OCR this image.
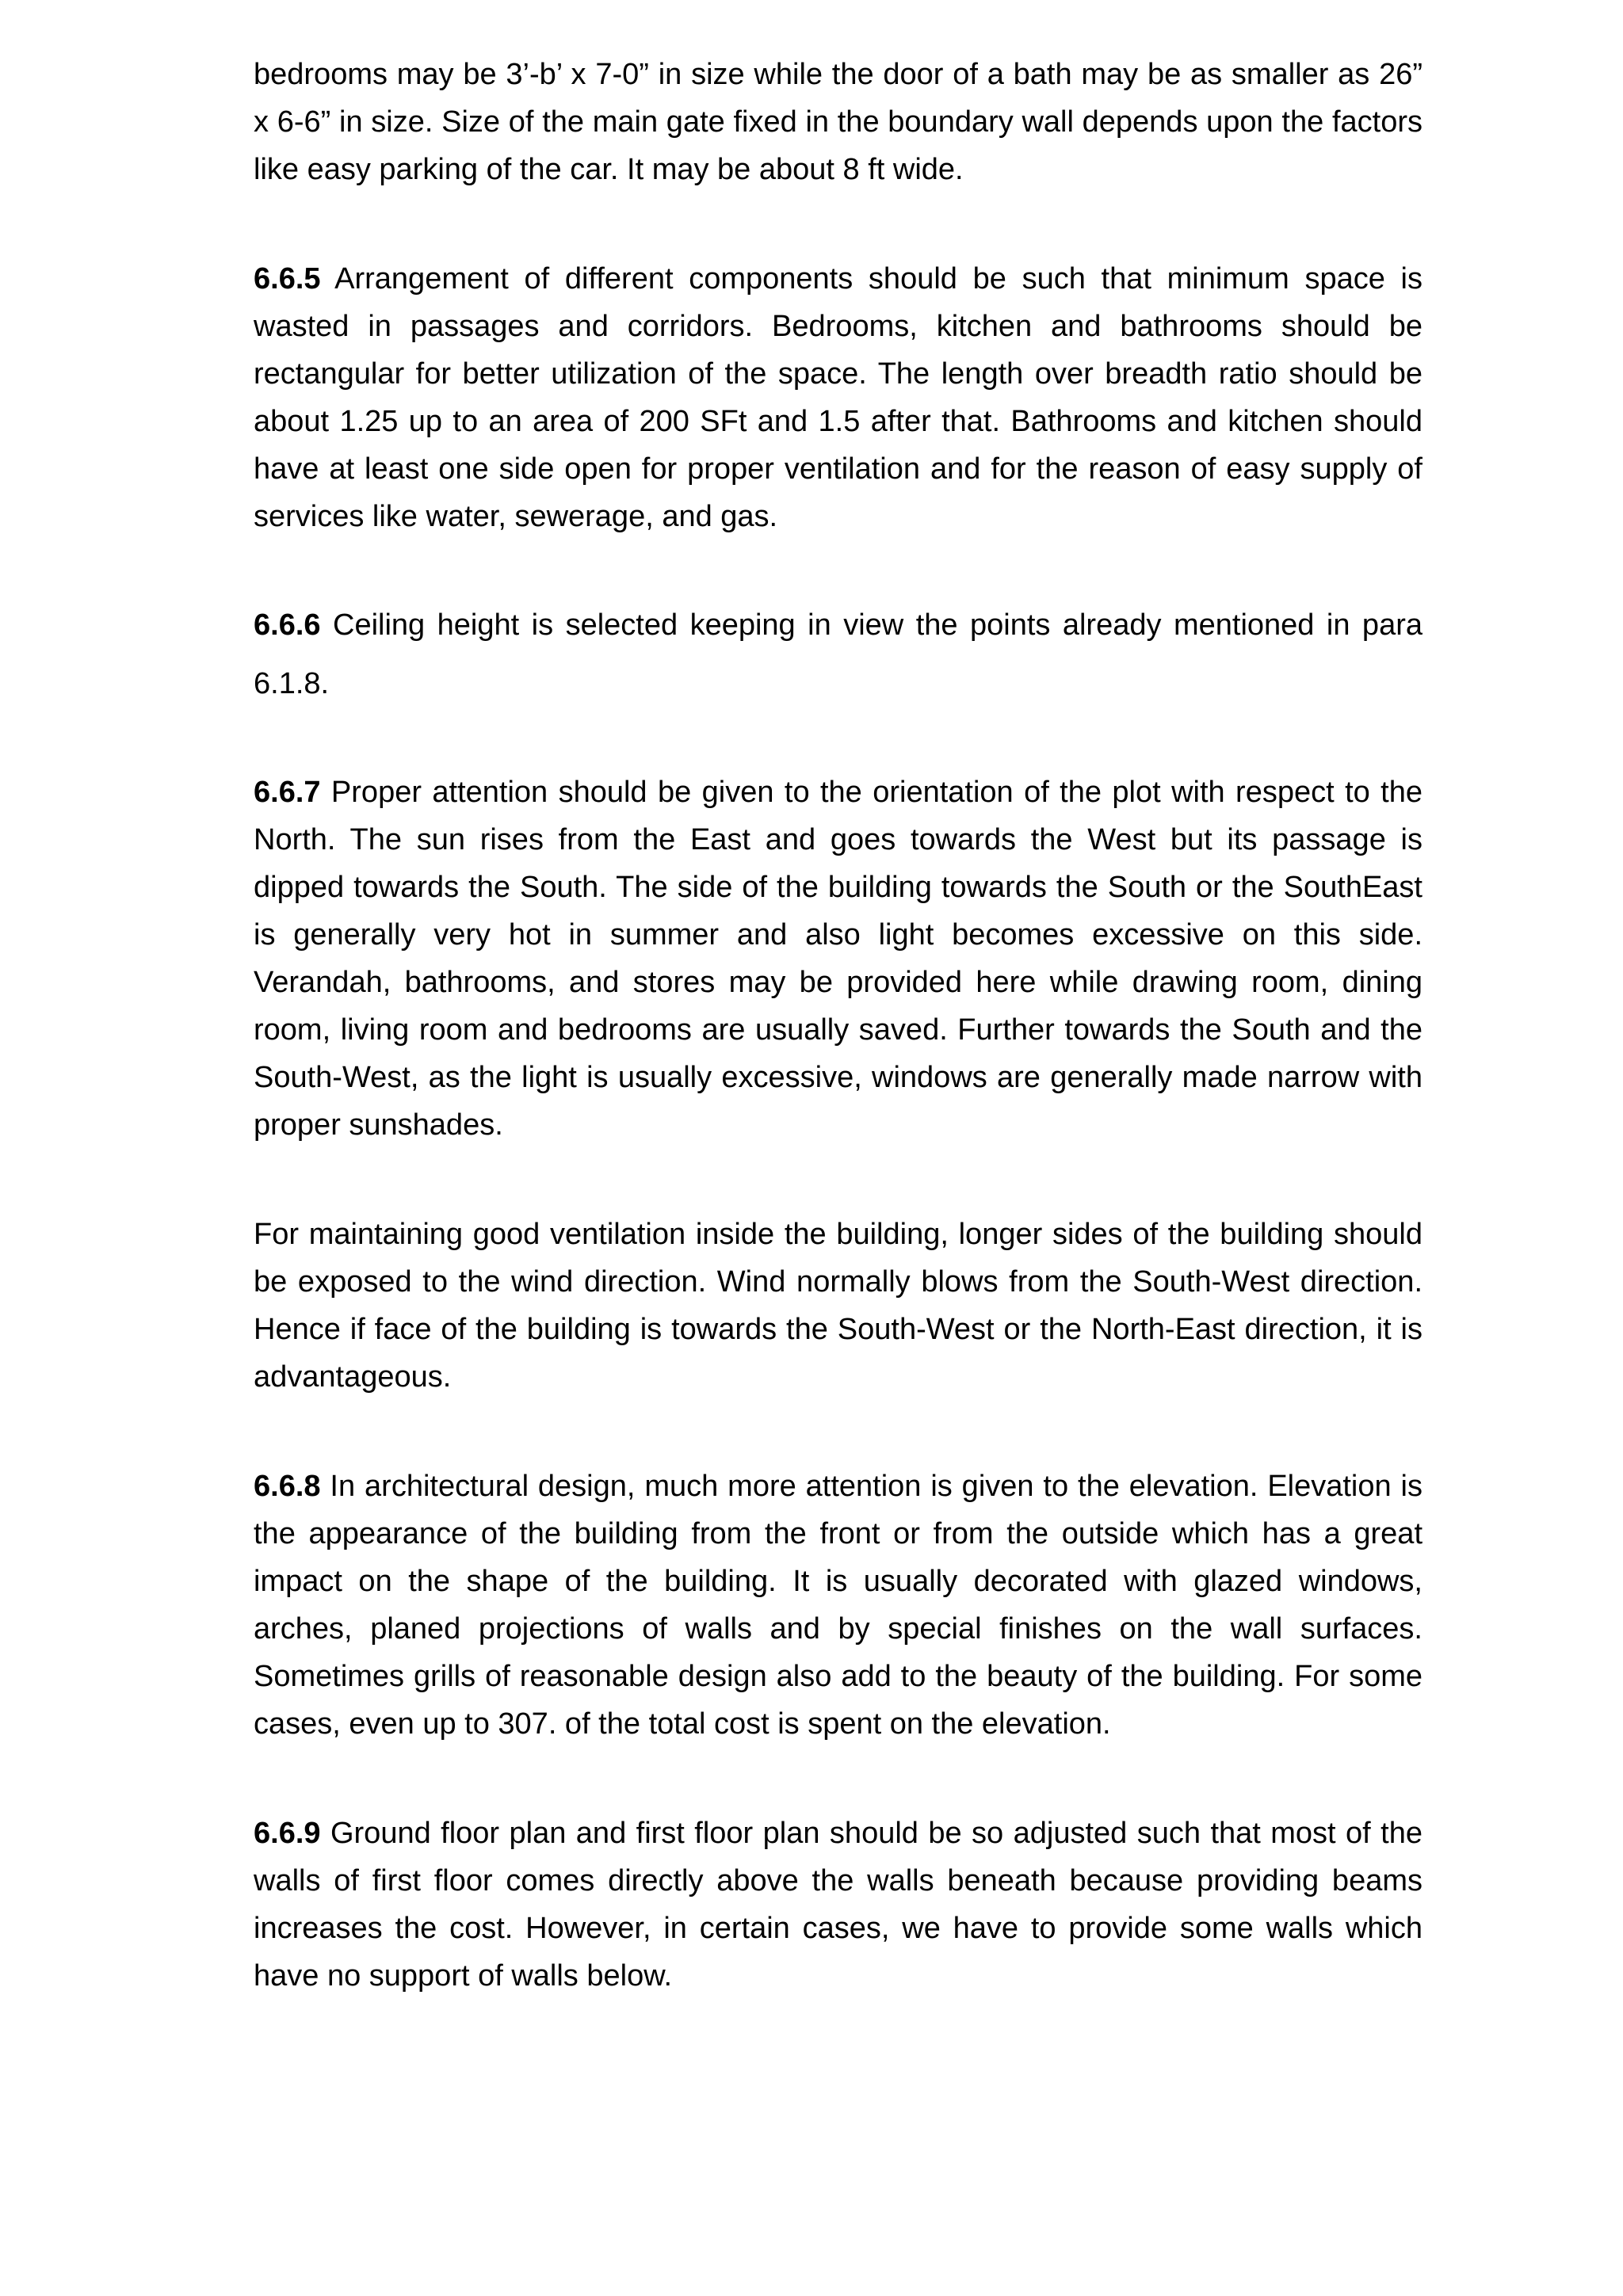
bedrooms may be 3’-b’ x 7-0” in size while the door of a bath may be as smaller as 26” x 6-6” in size. Size of the main gate fixed in the boundary wall depends upon the factors like easy parking of the car. It may be about 8 ft wide.

6.6.5 Arrangement of different components should be such that minimum space is wasted in passages and corridors. Bedrooms, kitchen and bathrooms should be rectangular for better utilization of the space. The length over breadth ratio should be about 1.25 up to an area of 200 SFt and 1.5 after that. Bathrooms and kitchen should have at least one side open for proper ventilation and for the reason of easy supply of services like water, sewerage, and gas.

6.6.6 Ceiling height is selected keeping in view the points already mentioned in para 6.1.8.

6.6.7 Proper attention should be given to the orientation of the plot with respect to the North. The sun rises from the East and goes towards the West but its passage is dipped towards the South. The side of the building towards the South or the SouthEast is generally very hot in summer and also light becomes excessive on this side. Verandah, bathrooms, and stores may be provided here while drawing room, dining room, living room and bedrooms are usually saved. Further towards the South and the South-West, as the light is usually excessive, windows are generally made narrow with proper sunshades.

For maintaining good ventilation inside the building, longer sides of the building should be exposed to the wind direction. Wind normally blows from the South-West direction. Hence if face of the building is towards the South-West or the North-East direction, it is advantageous.

6.6.8 In architectural design, much more attention is given to the elevation. Elevation is the appearance of the building from the front or from the outside which has a great impact on the shape of the building. It is usually decorated with glazed windows, arches, planed projections of walls and by special finishes on the wall surfaces. Sometimes grills of reasonable design also add to the beauty of the building. For some cases, even up to 307. of the total cost is spent on the elevation.

6.6.9 Ground floor plan and first floor plan should be so adjusted such that most of the walls of first floor comes directly above the walls beneath because providing beams increases the cost. However, in certain cases, we have to provide some walls which have no support of walls below.
